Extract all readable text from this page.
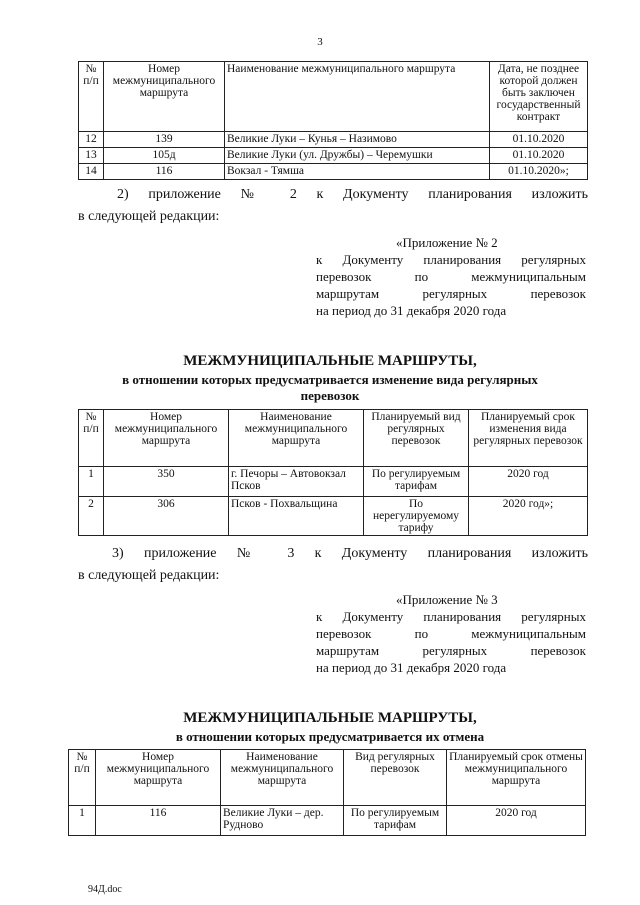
3
№ п/п	Номер межмуниципального маршрута	Наименование межмуниципального маршрута	Дата, не позднее которой должен быть заключен государственный контракт
12	139	Великие Луки – Кунья – Назимово	01.10.2020
13	105д	Великие Луки (ул. Дружбы) – Черемушки	01.10.2020
14	116	Вокзал - Тямша	01.10.2020»;
2) приложение № 2 к Документу планирования изложить
в следующей редакции:
«Приложение № 2
к Документу планирования регулярных
перевозок по межмуниципальным
маршрутам регулярных перевозок
на период до 31 декабря 2020 года
МЕЖМУНИЦИПАЛЬНЫЕ МАРШРУТЫ,
в отношении которых предусматривается изменение вида регулярных
перевозок
№ п/п	Номер межмуниципального маршрута	Наименование межмуниципального маршрута	Планируемый вид регулярных перевозок	Планируемый срок изменения вида регулярных перевозок
1	350	г. Печоры – Автовокзал Псков	По регулируемым тарифам	2020 год
2	306	Псков - Похвальщина	По нерегулируемому тарифу	2020 год»;
3) приложение № 3 к Документу планирования изложить
в следующей редакции:
«Приложение № 3
к Документу планирования регулярных
перевозок по межмуниципальным
маршрутам регулярных перевозок
на период до 31 декабря 2020 года
МЕЖМУНИЦИПАЛЬНЫЕ МАРШРУТЫ,
в отношении которых предусматривается их отмена
№ п/п	Номер межмуниципального маршрута	Наименование межмуниципального маршрута	Вид регулярных перевозок	Планируемый срок отмены межмуниципального маршрута
1	116	Великие Луки – дер. Рудново	По регулируемым тарифам	2020 год
94Д.doc
